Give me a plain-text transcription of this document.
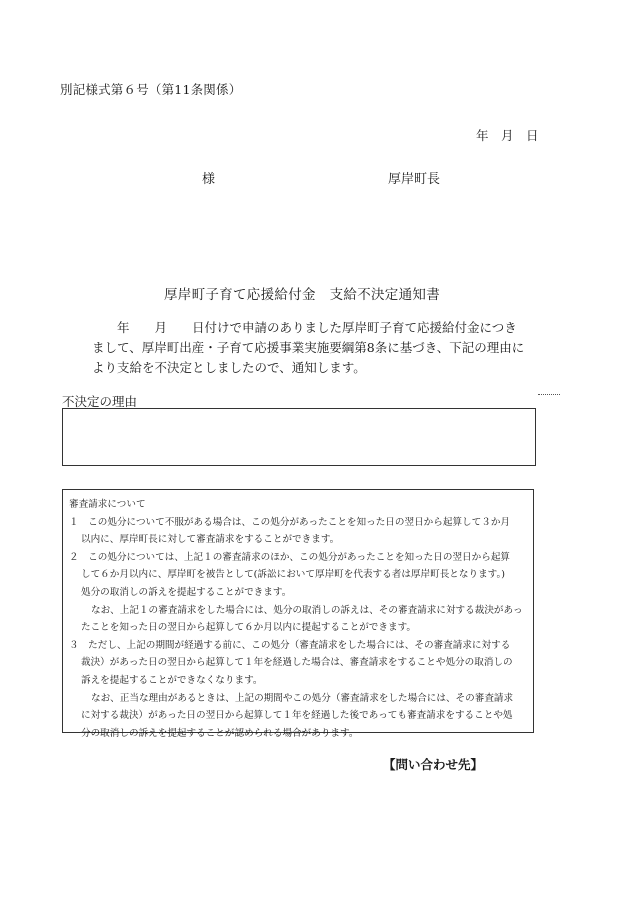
別記様式第６号（第11条関係）
年　月　日
様	厚岸町長
厚岸町子育て応援給付金　支給不決定通知書
年　　月　　日付けで申請のありました厚岸町子育て応援給付金につき
まして、厚岸町出産・子育て応援事業実施要綱第8条に基づき、下記の理由に
より支給を不決定としましたので、通知します。
不決定の理由
審査請求について
１　この処分について不服がある場合は、この処分があったことを知った日の翌日から起算して３か月
以内に、厚岸町長に対して審査請求をすることができます。
２　この処分については、上記１の審査請求のほか、この処分があったことを知った日の翌日から起算
して６か月以内に、厚岸町を被告として(訴訟において厚岸町を代表する者は厚岸町長となります。)
処分の取消しの訴えを提起することができます。
なお、上記１の審査請求をした場合には、処分の取消しの訴えは、その審査請求に対する裁決があっ
たことを知った日の翌日から起算して６か月以内に提起することができます。
３　ただし、上記の期間が経過する前に、この処分（審査請求をした場合には、その審査請求に対する
裁決）があった日の翌日から起算して１年を経過した場合は、審査請求をすることや処分の取消しの
訴えを提起することができなくなります。
なお、正当な理由があるときは、上記の期間やこの処分（審査請求をした場合には、その審査請求
に対する裁決）があった日の翌日から起算して１年を経過した後であっても審査請求をすることや処
分の取消しの訴えを提起することが認められる場合があります。
【問い合わせ先】
